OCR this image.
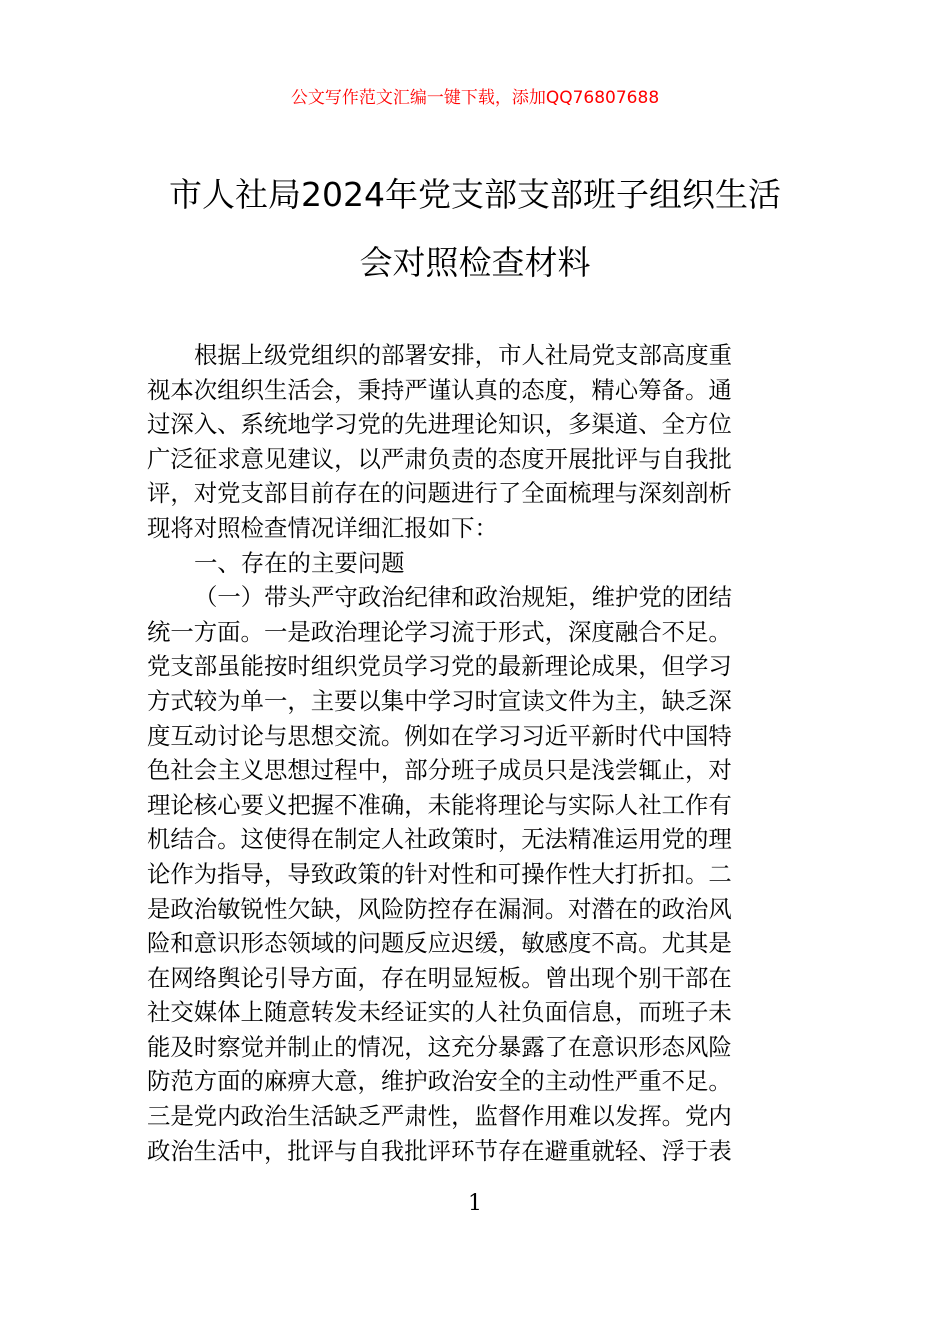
公文写作范文汇编一键下载，添加QQ76807688
市人社局2024年党支部支部班子组织生活
会对照检查材料
根据上级党组织的部署安排，市人社局党支部高度重
视本次组织生活会，秉持严谨认真的态度，精心筹备。通
过深入、系统地学习党的先进理论知识，多渠道、全方位
广泛征求意见建议，以严肃负责的态度开展批评与自我批
评，对党支部目前存在的问题进行了全面梳理与深刻剖析
现将对照检查情况详细汇报如下：
一、存在的主要问题
（一）带头严守政治纪律和政治规矩，维护党的团结
统一方面。一是政治理论学习流于形式，深度融合不足。
党支部虽能按时组织党员学习党的最新理论成果，但学习
方式较为单一，主要以集中学习时宣读文件为主，缺乏深
度互动讨论与思想交流。例如在学习习近平新时代中国特
色社会主义思想过程中，部分班子成员只是浅尝辄止，对
理论核心要义把握不准确，未能将理论与实际人社工作有
机结合。这使得在制定人社政策时，无法精准运用党的理
论作为指导，导致政策的针对性和可操作性大打折扣。二
是政治敏锐性欠缺，风险防控存在漏洞。对潜在的政治风
险和意识形态领域的问题反应迟缓，敏感度不高。尤其是
在网络舆论引导方面，存在明显短板。曾出现个别干部在
社交媒体上随意转发未经证实的人社负面信息，而班子未
能及时察觉并制止的情况，这充分暴露了在意识形态风险
防范方面的麻痹大意，维护政治安全的主动性严重不足。
三是党内政治生活缺乏严肃性，监督作用难以发挥。党内
政治生活中，批评与自我批评环节存在避重就轻、浮于表
1
